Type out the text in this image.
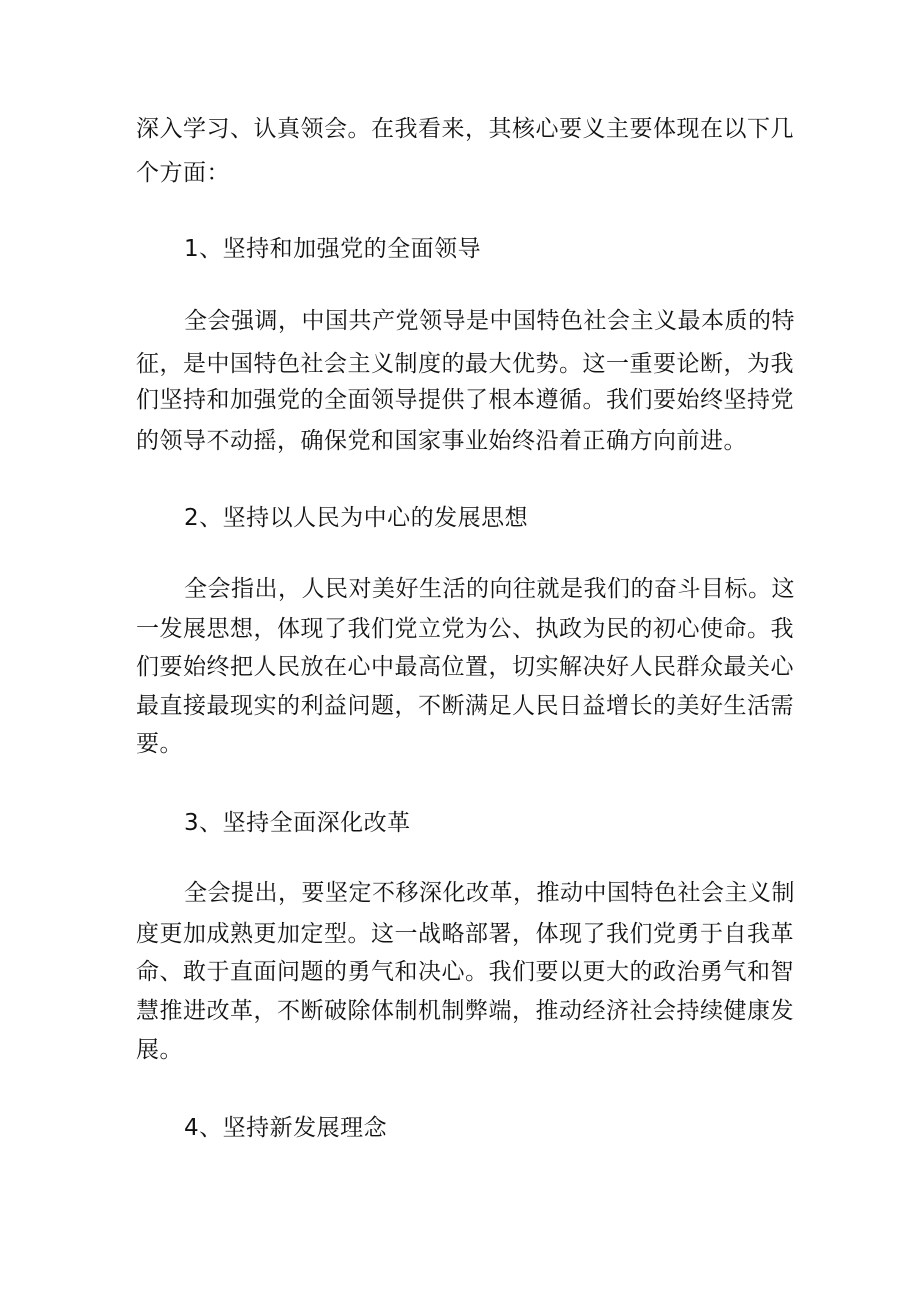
深入学习、认真领会。在我看来，其核心要义主要体现在以下几
个方面：
1、坚持和加强党的全面领导
全会强调，中国共产党领导是中国特色社会主义最本质的特
征，是中国特色社会主义制度的最大优势。这一重要论断，为我
们坚持和加强党的全面领导提供了根本遵循。我们要始终坚持党
的领导不动摇，确保党和国家事业始终沿着正确方向前进。
2、坚持以人民为中心的发展思想
全会指出，人民对美好生活的向往就是我们的奋斗目标。这
一发展思想，体现了我们党立党为公、执政为民的初心使命。我
们要始终把人民放在心中最高位置，切实解决好人民群众最关心
最直接最现实的利益问题，不断满足人民日益增长的美好生活需
要。
3、坚持全面深化改革
全会提出，要坚定不移深化改革，推动中国特色社会主义制
度更加成熟更加定型。这一战略部署，体现了我们党勇于自我革
命、敢于直面问题的勇气和决心。我们要以更大的政治勇气和智
慧推进改革，不断破除体制机制弊端，推动经济社会持续健康发
展。
4、坚持新发展理念
